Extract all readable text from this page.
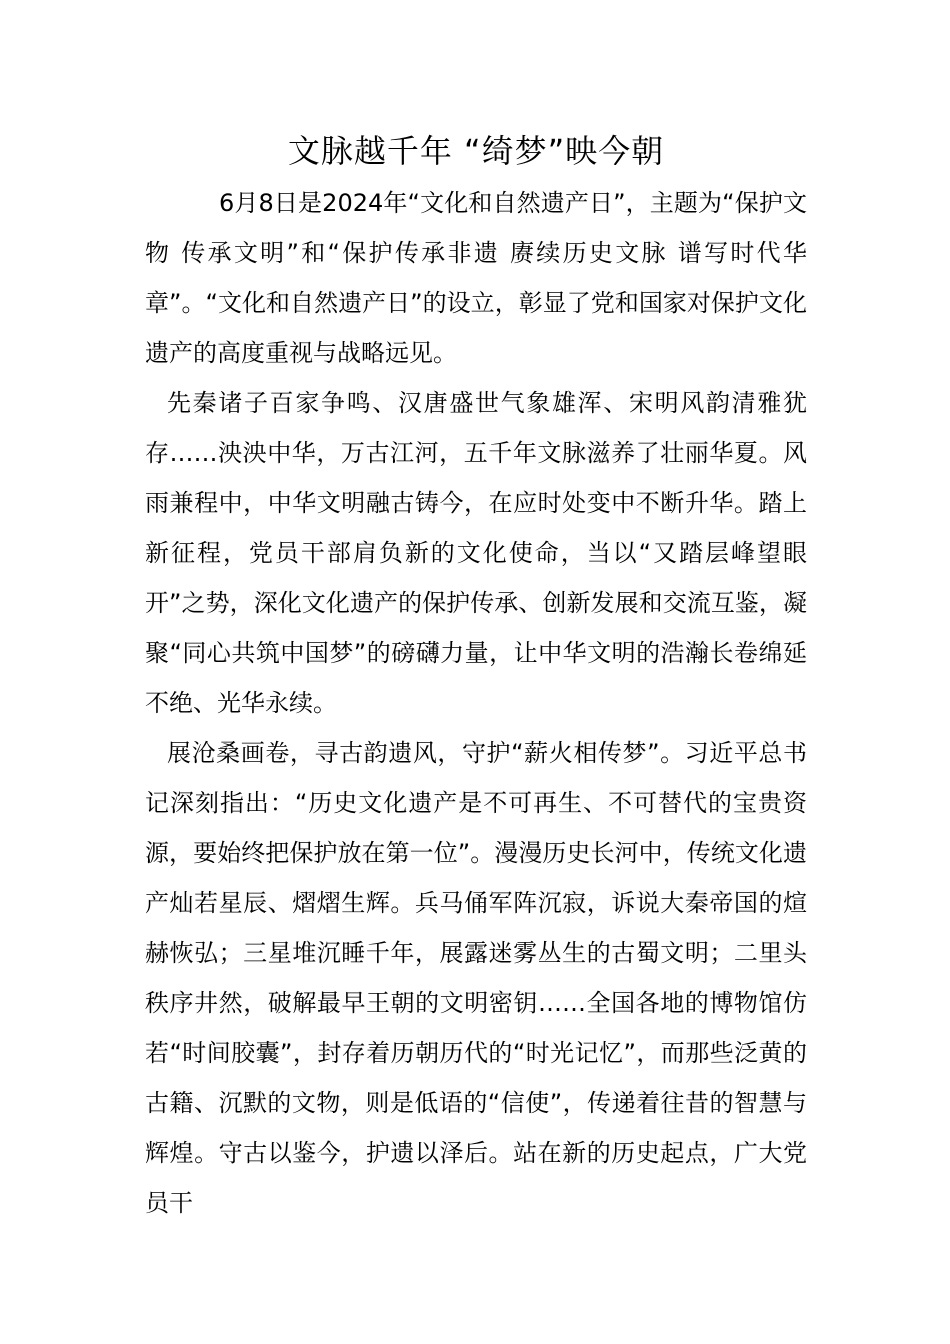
文脉越千年 “绮梦”映今朝

6月8日是2024年“文化和自然遗产日”，主题为“保护文物 传承文明”和“保护传承非遗 赓续历史文脉 谱写时代华章”。“文化和自然遗产日”的设立，彰显了党和国家对保护文化遗产的高度重视与战略远见。

先秦诸子百家争鸣、汉唐盛世气象雄浑、宋明风韵清雅犹存……泱泱中华，万古江河，五千年文脉滋养了壮丽华夏。风雨兼程中，中华文明融古铸今，在应时处变中不断升华。踏上新征程，党员干部肩负新的文化使命，当以“又踏层峰望眼开”之势，深化文化遗产的保护传承、创新发展和交流互鉴，凝聚“同心共筑中国梦”的磅礴力量，让中华文明的浩瀚长卷绵延不绝、光华永续。

展沧桑画卷，寻古韵遗风，守护“薪火相传梦”。习近平总书记深刻指出：“历史文化遗产是不可再生、不可替代的宝贵资源，要始终把保护放在第一位”。漫漫历史长河中，传统文化遗产灿若星辰、熠熠生辉。兵马俑军阵沉寂，诉说大秦帝国的煊赫恢弘；三星堆沉睡千年，展露迷雾丛生的古蜀文明；二里头秩序井然，破解最早王朝的文明密钥……全国各地的博物馆仿若“时间胶囊”，封存着历朝历代的“时光记忆”，而那些泛黄的古籍、沉默的文物，则是低语的“信使”，传递着往昔的智慧与辉煌。守古以鉴今，护遗以泽后。站在新的历史起点，广大党员干
